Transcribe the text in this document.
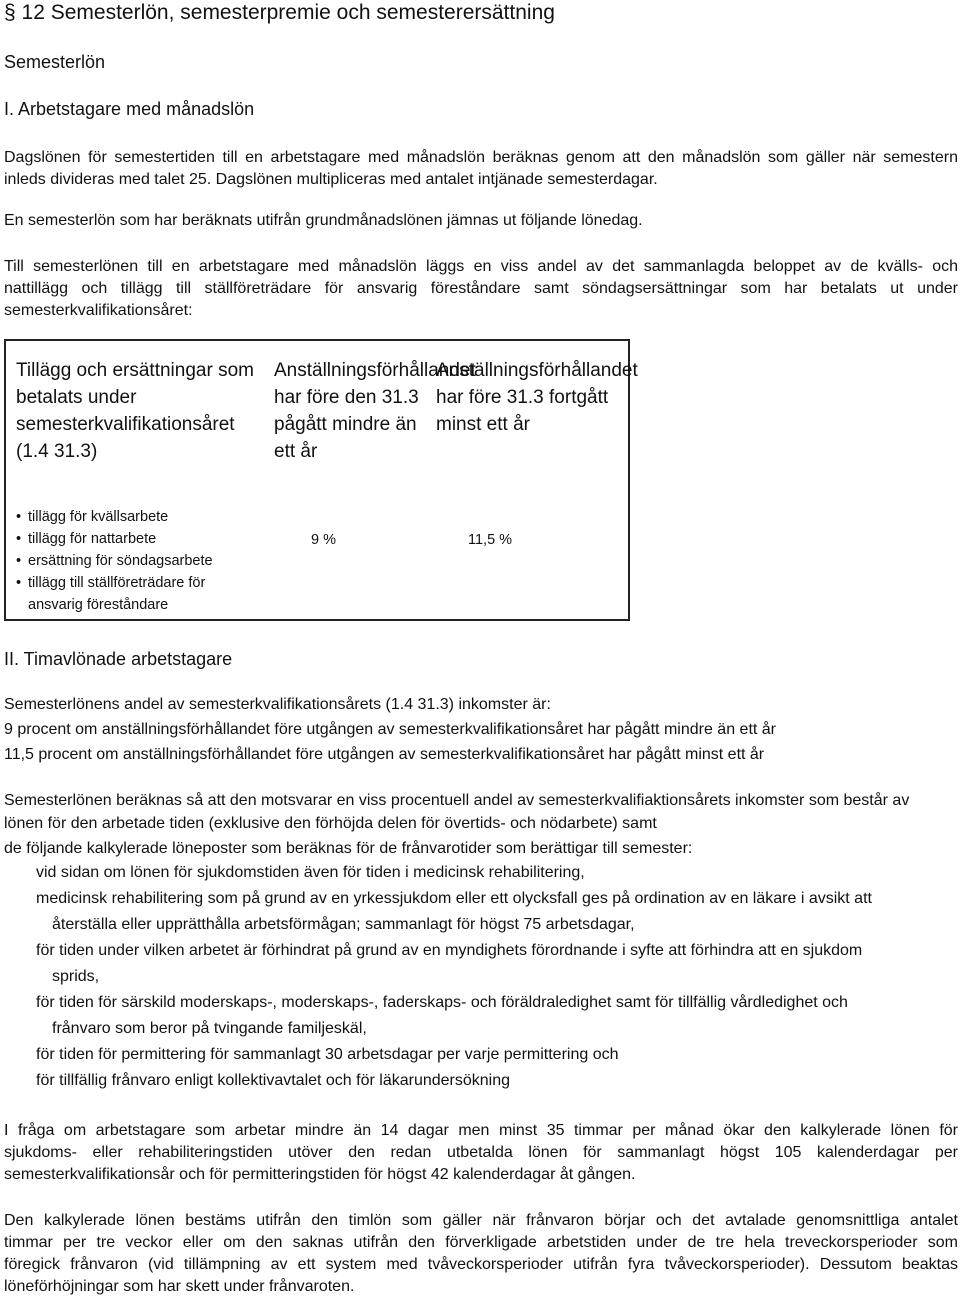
§ 12 Semesterlön, semesterpremie och semesterersättning
Semesterlön
I. Arbetstagare med månadslön
Dagslönen för semestertiden till en arbetstagare med månadslön beräknas genom att den månadslön som gäller när semestern
inleds divideras med talet 25. Dagslönen multipliceras med antalet intjänade semesterdagar.
En semesterlön som har beräknats utifrån grundmånadslönen jämnas ut följande lönedag.
Till semesterlönen till en arbetstagare med månadslön läggs en viss andel av det sammanlagda beloppet av de kvälls- och
nattillägg och tillägg till ställföreträdare för ansvarig föreståndare samt söndagsersättningar som har betalats ut under
semesterkvalifikationsåret:
Tillägg och ersättningar som betalats under semesterkvalifikationsåret (1.4 31.3)
Anställningsförhållandet har före den 31.3 pågått mindre än ett år
Anställningsförhållandet har före 31.3 fortgått minst ett år
• tillägg för kvällsarbete
• tillägg för nattarbete
• ersättning för söndagsarbete
• tillägg till ställföreträdare för ansvarig föreståndare
9 %	11,5 %
II. Timavlönade arbetstagare
Semesterlönens andel av semesterkvalifikationsårets (1.4 31.3) inkomster är:
9 procent om anställningsförhållandet före utgången av semesterkvalifikationsåret har pågått mindre än ett år
11,5 procent om anställningsförhållandet före utgången av semesterkvalifikationsåret har pågått minst ett år
Semesterlönen beräknas så att den motsvarar en viss procentuell andel av semesterkvalifiaktionsårets inkomster som består av
lönen för den arbetade tiden (exklusive den förhöjda delen för övertids- och nödarbete) samt
de följande kalkylerade löneposter som beräknas för de frånvarotider som berättigar till semester:
vid sidan om lönen för sjukdomstiden även för tiden i medicinsk rehabilitering,
medicinsk rehabilitering som på grund av en yrkessjukdom eller ett olycksfall ges på ordination av en läkare i avsikt att
återställa eller upprätthålla arbetsförmågan; sammanlagt för högst 75 arbetsdagar,
för tiden under vilken arbetet är förhindrat på grund av en myndighets förordnande i syfte att förhindra att en sjukdom
sprids,
för tiden för särskild moderskaps-, moderskaps-, faderskaps- och föräldraledighet samt för tillfällig vårdledighet och
frånvaro som beror på tvingande familjeskäl,
för tiden för permittering för sammanlagt 30 arbetsdagar per varje permittering och
för tillfällig frånvaro enligt kollektivavtalet och för läkarundersökning
I fråga om arbetstagare som arbetar mindre än 14 dagar men minst 35 timmar per månad ökar den kalkylerade lönen för
sjukdoms- eller rehabiliteringstiden utöver den redan utbetalda lönen för sammanlagt högst 105 kalenderdagar per
semesterkvalifikationsår och för permitteringstiden för högst 42 kalenderdagar åt gången.
Den kalkylerade lönen bestäms utifrån den timlön som gäller när frånvaron börjar och det avtalade genomsnittliga antalet
timmar per tre veckor eller om den saknas utifrån den förverkligade arbetstiden under de tre hela treveckorsperioder som
föregick frånvaron (vid tillämpning av ett system med tvåveckorsperioder utifrån fyra tvåveckorsperioder). Dessutom beaktas
löneförhöjningar som har skett under frånvaroten.
